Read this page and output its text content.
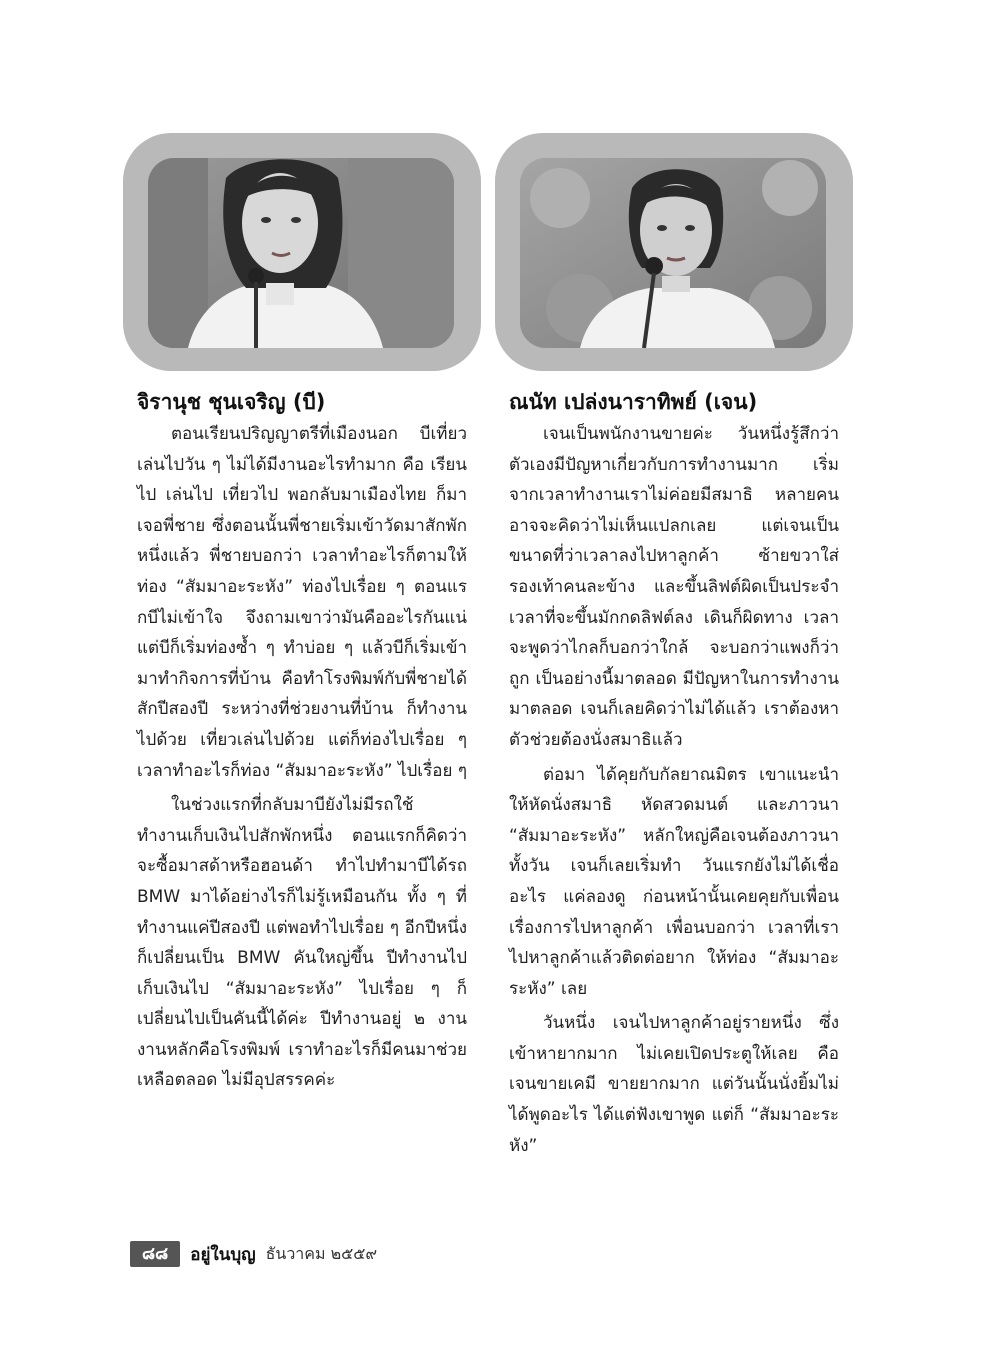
จิรานุช ชุนเจริญ (บี)

ตอนเรียนปริญญาตรีที่เมืองนอก บีเที่ยวเล่นไปวัน ๆ ไม่ได้มีงานอะไรทำมาก คือ เรียนไป เล่นไป เที่ยวไป พอกลับมาเมืองไทย ก็มาเจอพี่ชาย ซึ่งตอนนั้นพี่ชายเริ่มเข้าวัดมาสักพักหนึ่งแล้ว พี่ชายบอกว่า เวลาทำอะไรก็ตามให้ท่อง “สัมมาอะระหัง” ท่องไปเรื่อย ๆ ตอนแรกบีไม่เข้าใจ จึงถามเขาว่ามันคืออะไรกันแน่ แต่บีก็เริ่มท่องซ้ำ ๆ ทำบ่อย ๆ แล้วบีก็เริ่มเข้ามาทำกิจการที่บ้าน คือทำโรงพิมพ์กับพี่ชายได้สักปีสองปี ระหว่างที่ช่วยงานที่บ้าน ก็ทำงานไปด้วย เที่ยวเล่นไปด้วย แต่ก็ท่องไปเรื่อย ๆ เวลาทำอะไรก็ท่อง “สัมมาอะระหัง” ไปเรื่อย ๆ

ในช่วงแรกที่กลับมาบียังไม่มีรถใช้ ทำงานเก็บเงินไปสักพักหนึ่ง ตอนแรกก็คิดว่าจะซื้อมาสด้าหรือฮอนด้า ทำไปทำมาบีได้รถ BMW มาได้อย่างไรก็ไม่รู้เหมือนกัน ทั้ง ๆ ที่ทำงานแค่ปีสองปี แต่พอทำไปเรื่อย ๆ อีกปีหนึ่งก็เปลี่ยนเป็น BMW คันใหญ่ขึ้น ปีทำงานไปเก็บเงินไป “สัมมาอะระหัง” ไปเรื่อย ๆ ก็เปลี่ยนไปเป็นคันนี้ได้ค่ะ ปีทำงานอยู่ ๒ งาน งานหลักคือโรงพิมพ์ เราทำอะไรก็มีคนมาช่วยเหลือตลอด ไม่มีอุปสรรคค่ะ

ณนัท เปล่งนาราทิพย์ (เจน)

เจนเป็นพนักงานขายค่ะ วันหนึ่งรู้สึกว่าตัวเองมีปัญหาเกี่ยวกับการทำงานมาก เริ่มจากเวลาทำงานเราไม่ค่อยมีสมาธิ หลายคนอาจจะคิดว่าไม่เห็นแปลกเลย แต่เจนเป็นขนาดที่ว่าเวลาลงไปหาลูกค้า ซ้ายขวาใส่รองเท้าคนละข้าง และขึ้นลิฟต์ผิดเป็นประจำ เวลาที่จะขึ้นมักกดลิฟต์ลง เดินก็ผิดทาง เวลาจะพูดว่าไกลก็บอกว่าใกล้ จะบอกว่าแพงก็ว่าถูก เป็นอย่างนี้มาตลอด มีปัญหาในการทำงานมาตลอด เจนก็เลยคิดว่าไม่ได้แล้ว เราต้องหาตัวช่วยต้องนั่งสมาธิแล้ว

ต่อมา ได้คุยกับกัลยาณมิตร เขาแนะนำให้หัดนั่งสมาธิ หัดสวดมนต์ และภาวนา “สัมมาอะระหัง” หลักใหญ่คือเจนต้องภาวนาทั้งวัน เจนก็เลยเริ่มทำ วันแรกยังไม่ได้เชื่ออะไร แค่ลองดู ก่อนหน้านั้นเคยคุยกับเพื่อนเรื่องการไปหาลูกค้า เพื่อนบอกว่า เวลาที่เราไปหาลูกค้าแล้วติดต่อยาก ให้ท่อง “สัมมาอะระหัง” เลย

วันหนึ่ง เจนไปหาลูกค้าอยู่รายหนึ่ง ซึ่งเข้าหายากมาก ไม่เคยเปิดประตูให้เลย คือ เจนขายเคมี ขายยากมาก แต่วันนั้นนั่งยิ้มไม่ได้พูดอะไร ได้แต่ฟังเขาพูด แต่ก็ “สัมมาอะระหัง”

๘๘	อยู่ในบุญ ธันวาคม ๒๕๕๙
